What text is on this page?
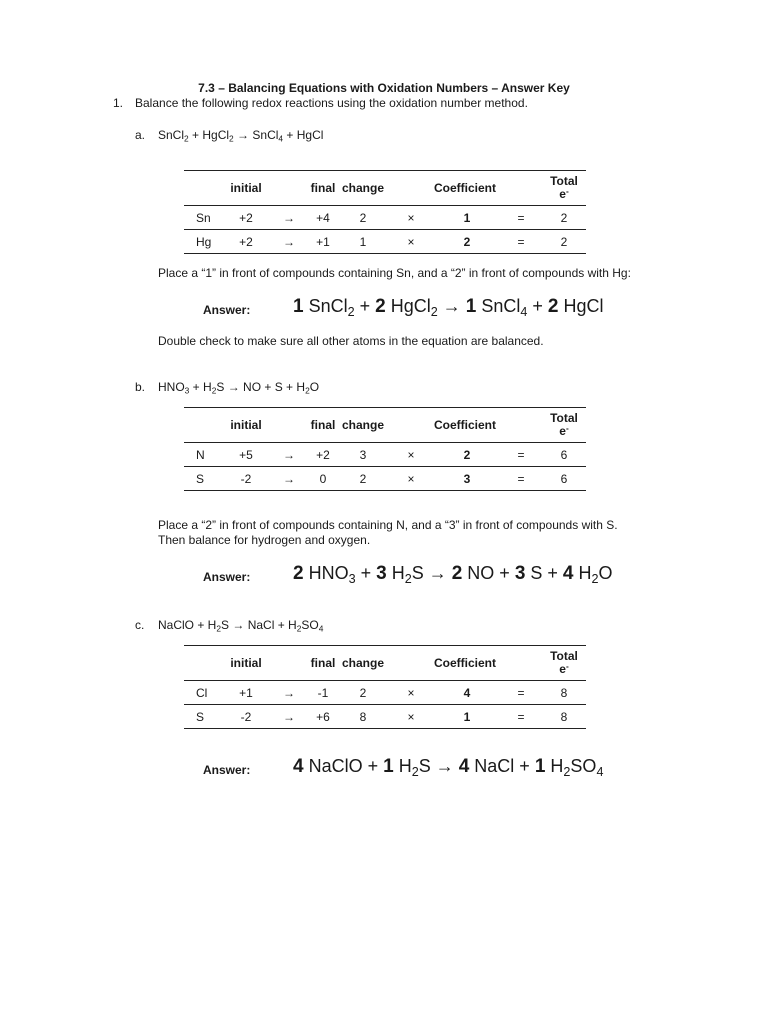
7.3 – Balancing Equations with Oxidation Numbers – Answer Key
1. Balance the following redox reactions using the oxidation number method.
a. SnCl$_2$ + HgCl$_2$ → SnCl$_4$ + HgCl
	initial		final	change	Coefficient			Total
e-
Sn	+2	→	+4	2	×	1	=	2
Hg	+2	→	+1	1	×	2	=	2
Place a “1” in front of compounds containing Sn, and a “2” in front of compounds with Hg:
Answer: 1 SnCl$_2$ + 2 HgCl$_2$ → 1 SnCl$_4$ + 2 HgCl
Double check to make sure all other atoms in the equation are balanced.
b. $HNO_3 + H_2S$ → NO + $S + H_2O$
	initial		final	change	Coefficient			Total
e-
N	+5	→	+2	3	×	2	=	6
S	-2	→	0	2	×	3	=	6
Place a “2” in front of compounds containing N, and a “3” in front of compounds with S.
Then balance for hydrogen and oxygen.
Answer: 2 $HNO_3 + 3$ $H_2S \to 2$ NO + 3 S + 4 $H_2O$
c. NaClO + $H_2S$ → NaCl + $H_2SO_4$
	initial		final	change	Coefficient			Total
e-
Cl	+1	→	-1	2	×	4	=	8
S	-2	→	+6	8	×	1	=	8
Answer: 4 NaClO + 1 $H_2S \to 4$ NaCl + 1 $H_2SO_4$
